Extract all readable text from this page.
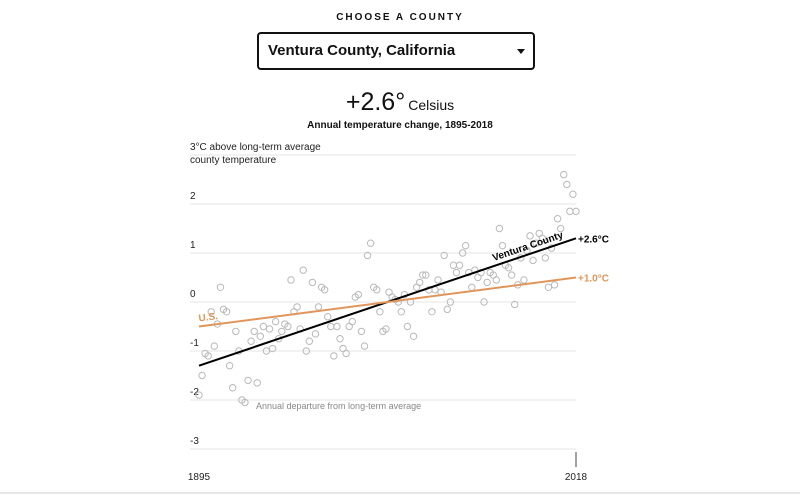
CHOOSE A COUNTY
Ventura County, California
+2.6° Celsius
Annual temperature change, 1895-2018
3°C above long-term average
2
1
0
-1
-2
-3
county temperature
1895	2018
+2.6°C
+1.0°C
Ventura County
U.S.
Annual departure from long-term average
